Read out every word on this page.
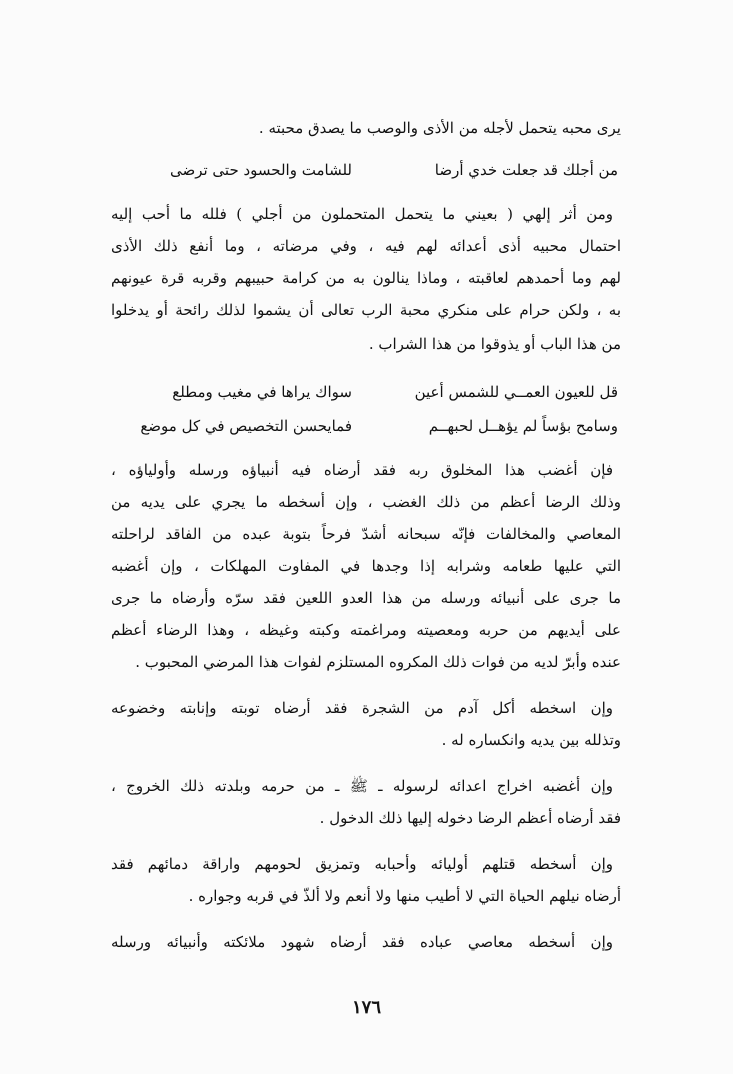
يرى محبه يتحمل لأجله من الأذى والوصب ما يصدق محبته .
من أجلك قد جعلت خدي أرضا
للشامت والحسود حتى ترضى
ومن أثر إلهي ( بعيني ما يتحمل المتحملون من أجلي ) فلله ما أحب إليه
احتمال محبيه أذى أعدائه لهم فيه ، وفي مرضاته ، وما أنفع ذلك الأذى
لهم وما أحمدهم لعاقبته ، وماذا ينالون به من كرامة حبيبهم وقربه قرة عيونهم
به ، ولكن حرام على منكري محبة الرب تعالى أن يشموا لذلك رائحة أو يدخلوا
من هذا الباب أو يذوقوا من هذا الشراب .
قل للعيون العمــي للشمس أعين
سواك يراها في مغيب ومطلع
وسامح بؤساً لم يؤهــل لحبهــم
فمايحسن التخصيص في كل موضع
فإن أغضب هذا المخلوق ربه فقد أرضاه فيه أنبياؤه ورسله وأولياؤه ،
وذلك الرضا أعظم من ذلك الغضب ، وإن أسخطه ما يجري على يديه من
المعاصي والمخالفات فإنّه سبحانه أشدّ فرحاً بتوبة عبده من الفاقد لراحلته
التي عليها طعامه وشرابه إذا وجدها في المفاوت المهلكات ، وإن أغضبه
ما جرى على أنبيائه ورسله من هذا العدو اللعين فقد سرّه وأرضاه ما جرى
على أيديهم من حربه ومعصيته ومراغمته وكبته وغيظه ، وهذا الرضاء أعظم
عنده وأبرّ لديه من فوات ذلك المكروه المستلزم لفوات هذا المرضي المحبوب .
وإن اسخطه أكل آدم من الشجرة فقد أرضاه توبته وإنابته وخضوعه
وتذلله بين يديه وانكساره له .
وإن أغضبه اخراج اعدائه لرسوله ـ ﷺ ـ من حرمه وبلدته ذلك الخروج ،
فقد أرضاه أعظم الرضا دخوله إليها ذلك الدخول .
وإن أسخطه قتلهم أوليائه وأحبابه وتمزيق لحومهم واراقة دمائهم فقد
أرضاه نيلهم الحياة التي لا أطيب منها ولا أنعم ولا ألذّ في قربه وجواره .
وإن أسخطه معاصي عباده فقد أرضاه شهود ملائكته وأنبيائه ورسله
١٧٦
